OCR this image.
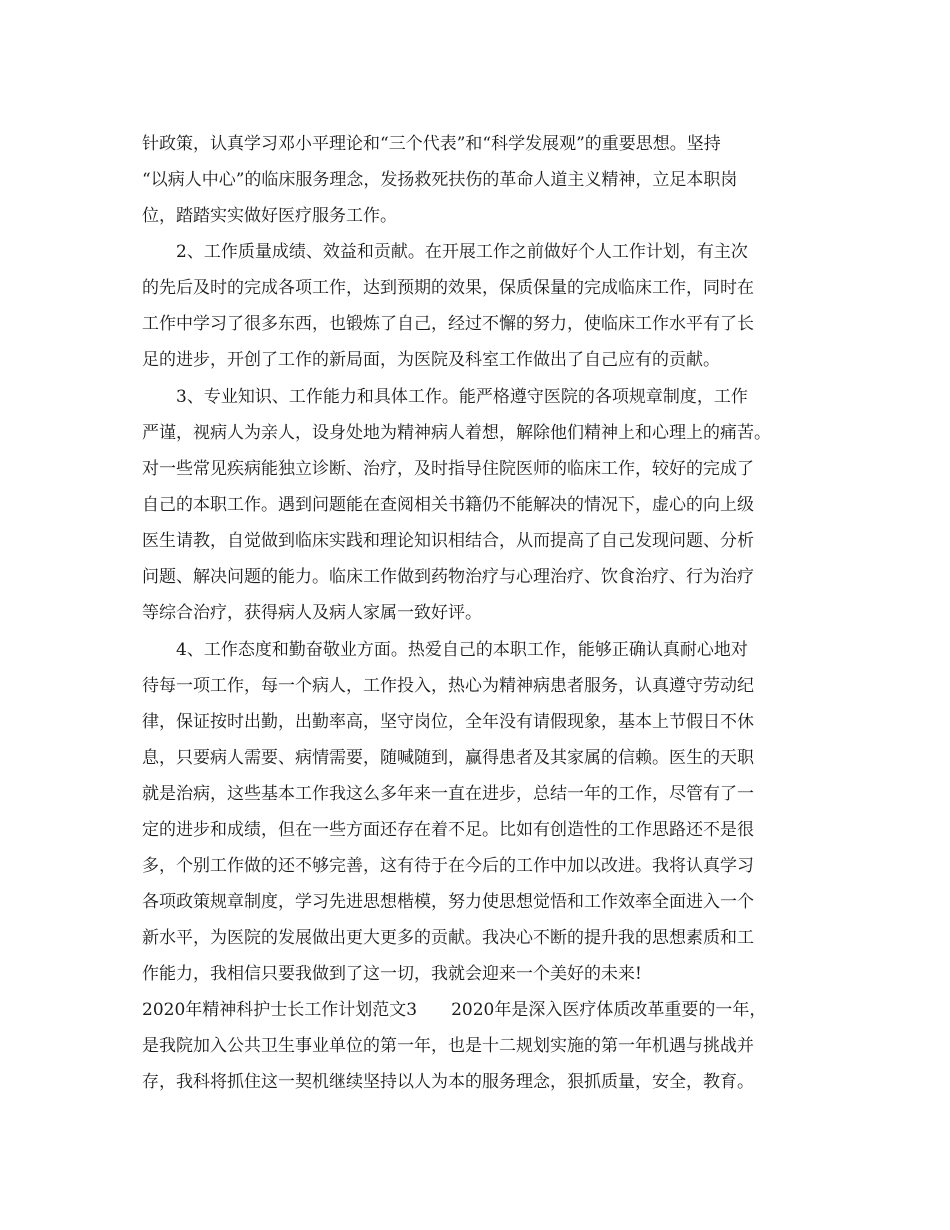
针政策，认真学习邓小平理论和“三个代表”和“科学发展观”的重要思想。坚持
“以病人中心”的临床服务理念，发扬救死扶伤的革命人道主义精神，立足本职岗
位，踏踏实实做好医疗服务工作。
2、工作质量成绩、效益和贡献。在开展工作之前做好个人工作计划，有主次
的先后及时的完成各项工作，达到预期的效果，保质保量的完成临床工作，同时在
工作中学习了很多东西，也锻炼了自己，经过不懈的努力，使临床工作水平有了长
足的进步，开创了工作的新局面，为医院及科室工作做出了自己应有的贡献。
3、专业知识、工作能力和具体工作。能严格遵守医院的各项规章制度，工作
严谨，视病人为亲人，设身处地为精神病人着想，解除他们精神上和心理上的痛苦。
对一些常见疾病能独立诊断、治疗，及时指导住院医师的临床工作，较好的完成了
自己的本职工作。遇到问题能在查阅相关书籍仍不能解决的情况下，虚心的向上级
医生请教，自觉做到临床实践和理论知识相结合，从而提高了自己发现问题、分析
问题、解决问题的能力。临床工作做到药物治疗与心理治疗、饮食治疗、行为治疗
等综合治疗，获得病人及病人家属一致好评。
4、工作态度和勤奋敬业方面。热爱自己的本职工作，能够正确认真耐心地对
待每一项工作，每一个病人，工作投入，热心为精神病患者服务，认真遵守劳动纪
律，保证按时出勤，出勤率高，坚守岗位，全年没有请假现象，基本上节假日不休
息，只要病人需要、病情需要，随喊随到，赢得患者及其家属的信赖。医生的天职
就是治病，这些基本工作我这么多年来一直在进步，总结一年的工作，尽管有了一
定的进步和成绩，但在一些方面还存在着不足。比如有创造性的工作思路还不是很
多，个别工作做的还不够完善，这有待于在今后的工作中加以改进。我将认真学习
各项政策规章制度，学习先进思想楷模，努力使思想觉悟和工作效率全面进入一个
新水平，为医院的发展做出更大更多的贡献。我决心不断的提升我的思想素质和工
作能力，我相信只要我做到了这一切，我就会迎来一个美好的未来!
2020年精神科护士长工作计划范文3　　2020年是深入医疗体质改革重要的一年，
是我院加入公共卫生事业单位的第一年，也是十二规划实施的第一年机遇与挑战并
存，我科将抓住这一契机继续坚持以人为本的服务理念，狠抓质量，安全，教育。
